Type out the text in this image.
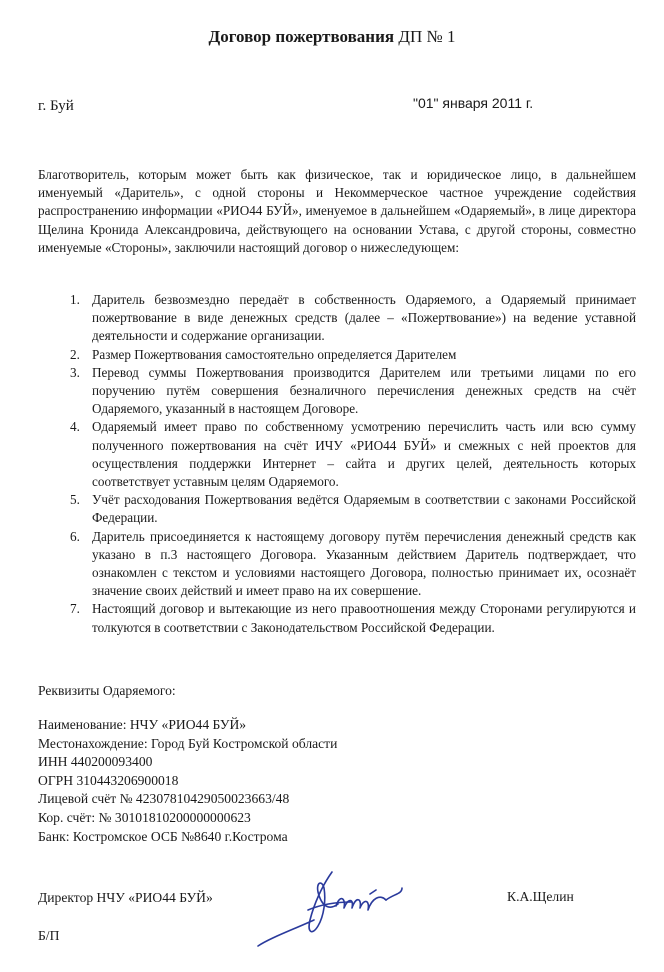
Договор пожертвования ДП № 1
г. Буй	"01" января 2011 г.
Благотворитель, которым может быть как физическое, так и юридическое лицо, в дальнейшем именуемый «Даритель», с одной стороны и Некоммерческое частное учреждение содействия распространению информации «РИО44 БУЙ», именуемое в дальнейшем «Одаряемый», в лице директора Щелина Кронида Александровича, действующего на основании Устава, с другой стороны, совместно именуемые «Стороны», заключили настоящий договор о нижеследующем:
1. Даритель безвозмездно передаёт в собственность Одаряемого, а Одаряемый принимает пожертвование в виде денежных средств (далее – «Пожертвование») на ведение уставной деятельности и содержание организации.
2. Размер Пожертвования самостоятельно определяется Дарителем
3. Перевод суммы Пожертвования производится Дарителем или третьими лицами по его поручению путём совершения безналичного перечисления денежных средств на счёт Одаряемого, указанный в настоящем Договоре.
4. Одаряемый имеет право по собственному усмотрению перечислить часть или всю сумму полученного пожертвования на счёт ИЧУ «РИО44 БУЙ» и смежных с ней проектов для осуществления поддержки Интернет – сайта и других целей, деятельность которых соответствует уставным целям Одаряемого.
5. Учёт расходования Пожертвования ведётся Одаряемым в соответствии с законами Российской Федерации.
6. Даритель присоединяется к настоящему договору путём перечисления денежный средств как указано в п.3 настоящего Договора. Указанным действием Даритель подтверждает, что ознакомлен с текстом и условиями настоящего Договора, полностью принимает их, осознаёт значение своих действий и имеет право на их совершение.
7. Настоящий договор и вытекающие из него правоотношения между Сторонами регулируются и толкуются в соответствии с Законодательством Российской Федерации.
Реквизиты Одаряемого:
Наименование: НЧУ «РИО44 БУЙ»
Местонахождение: Город Буй Костромской области
ИНН 440200093400
ОГРН 310443206900018
Лицевой счёт № 42307810429050023663/48
Кор. счёт: № 30101810200000000623
Банк: Костромское ОСБ №8640 г.Кострома
Директор НЧУ «РИО44 БУЙ»	К.А.Щелин
Б/П
